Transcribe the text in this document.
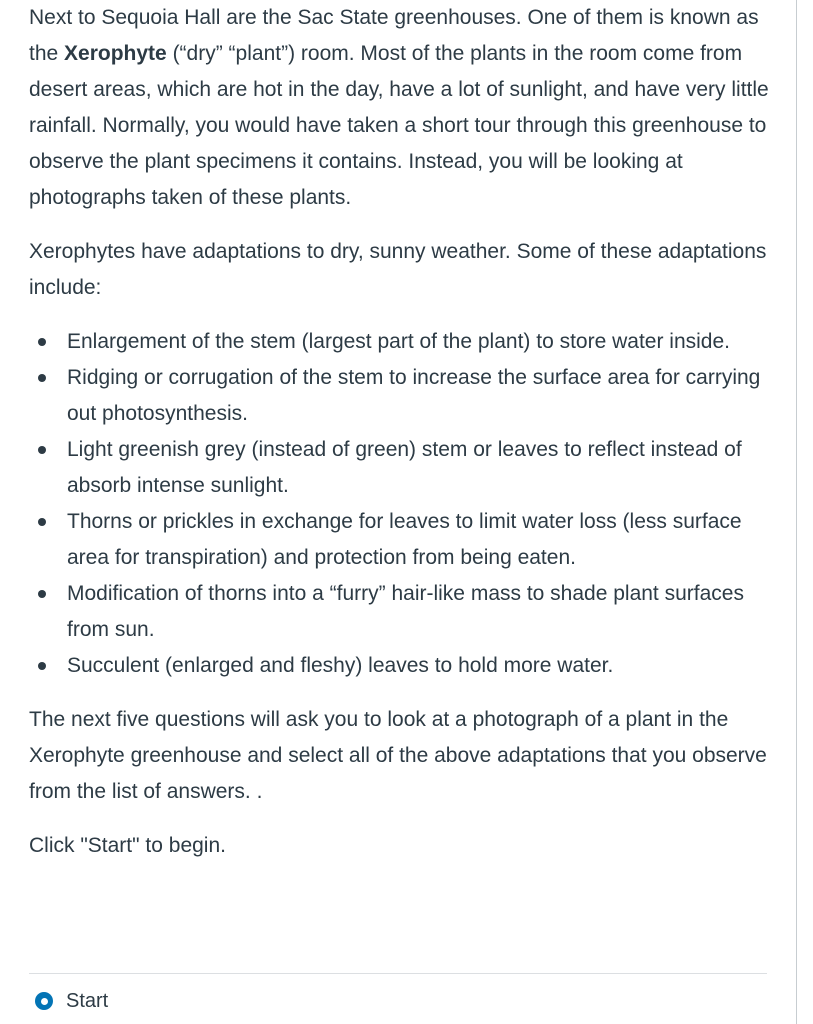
Next to Sequoia Hall are the Sac State greenhouses. One of them is known as the Xerophyte (“dry” “plant”) room. Most of the plants in the room come from desert areas, which are hot in the day, have a lot of sunlight, and have very little rainfall. Normally, you would have taken a short tour through this greenhouse to observe the plant specimens it contains. Instead, you will be looking at photographs taken of these plants.

Xerophytes have adaptations to dry, sunny weather. Some of these adaptations include:

Enlargement of the stem (largest part of the plant) to store water inside.
Ridging or corrugation of the stem to increase the surface area for carrying out photosynthesis.
Light greenish grey (instead of green) stem or leaves to reflect instead of absorb intense sunlight.
Thorns or prickles in exchange for leaves to limit water loss (less surface area for transpiration) and protection from being eaten.
Modification of thorns into a “furry” hair-like mass to shade plant surfaces from sun.
Succulent (enlarged and fleshy) leaves to hold more water.

The next five questions will ask you to look at a photograph of a plant in the Xerophyte greenhouse and select all of the above adaptations that you observe from the list of answers. .

Click "Start" to begin.

Start
